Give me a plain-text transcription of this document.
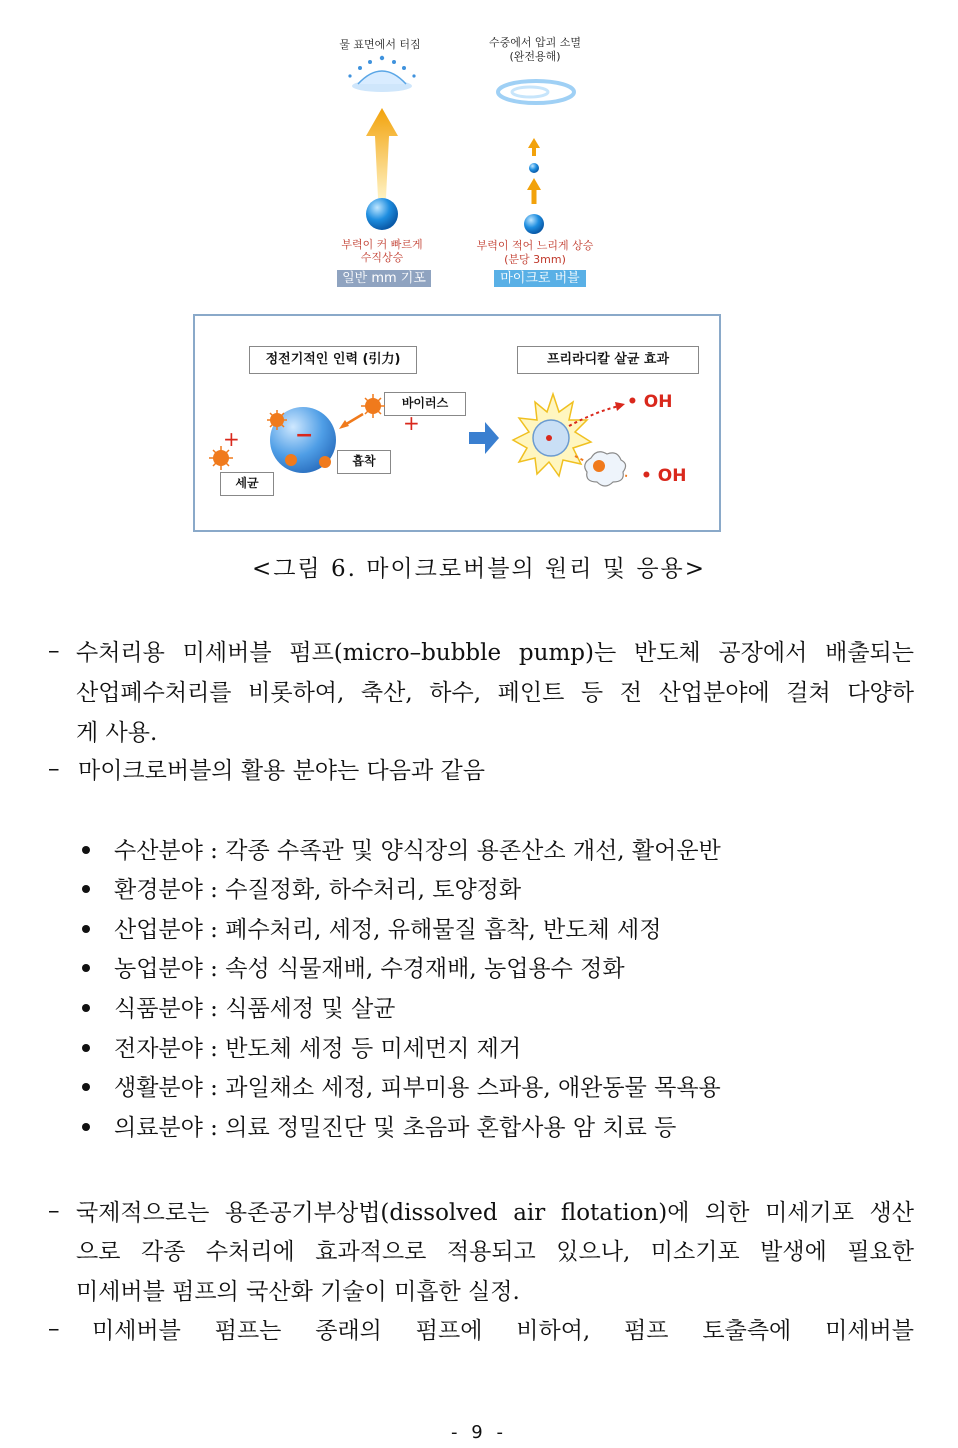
물 표면에서 터짐	수중에서 압괴 소멸
(완전용해)
부력이 커 빠르게
수직상승
부력이 적어 느리게 상승
(분당 3mm)
일반 mm 기포	마이크로 버블
정전기적인 인력 (引力)	프리라디칼 살균 효과
바이러스
흡착
세균
+
+
−
• OH
• OH
<그림 6. 마이크로버블의 원리 및 응용>
– 수처리용 미세버블 펌프(micro–bubble pump)는 반도체 공장에서 배출되는
산업폐수처리를 비롯하여, 축산, 하수, 페인트 등 전 산업분야에 걸쳐 다양하
게 사용.
– 마이크로버블의 활용 분야는 다음과 같음
수산분야 : 각종 수족관 및 양식장의 용존산소 개선, 활어운반
환경분야 : 수질정화, 하수처리, 토양정화
산업분야 : 폐수처리, 세정, 유해물질 흡착, 반도체 세정
농업분야 : 속성 식물재배, 수경재배, 농업용수 정화
식품분야 : 식품세정 및 살균
전자분야 : 반도체 세정 등 미세먼지 제거
생활분야 : 과일채소 세정, 피부미용 스파용, 애완동물 목욕용
의료분야 : 의료 정밀진단 및 초음파 혼합사용 암 치료 등
– 국제적으로는 용존공기부상법(dissolved air flotation)에 의한 미세기포 생산
으로 각종 수처리에 효과적으로 적용되고 있으나, 미소기포 발생에 필요한
미세버블 펌프의 국산화 기술이 미흡한 실정.
– 미세버블 펌프는 종래의 펌프에 비하여, 펌프 토출측에 미세버블
- 9 -
